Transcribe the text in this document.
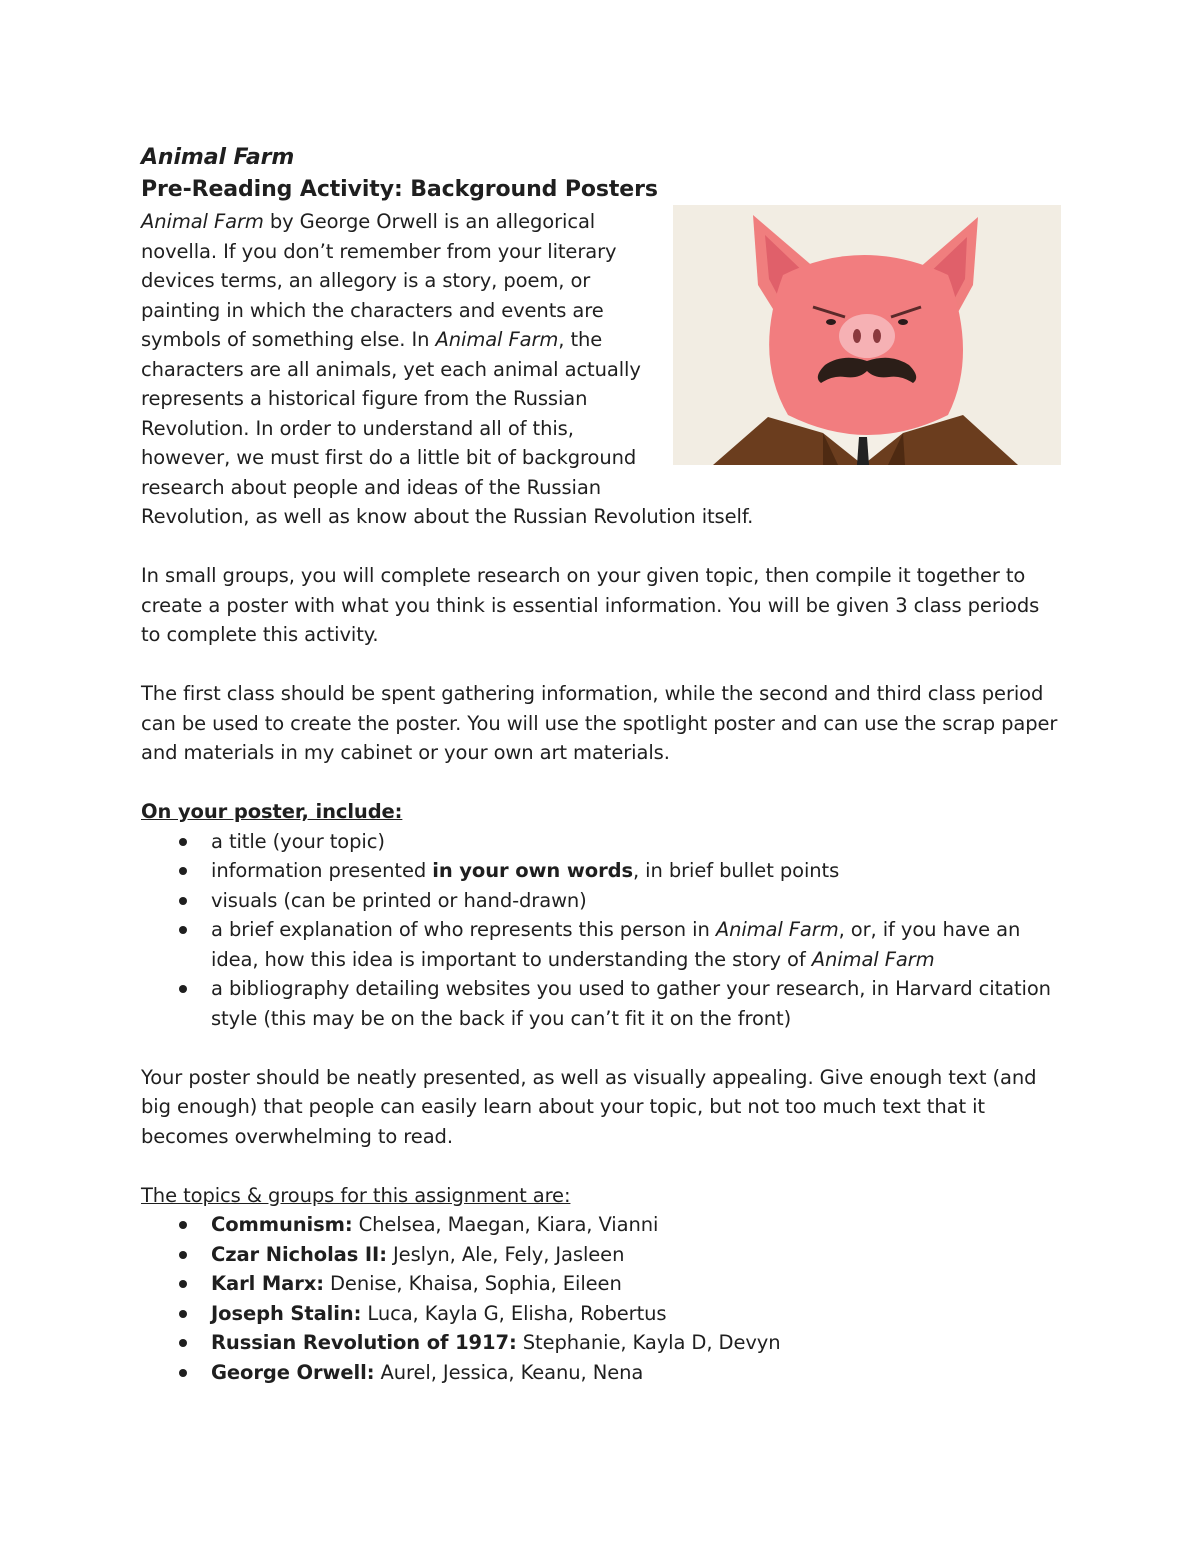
Animal Farm
Pre-Reading Activity: Background Posters

Animal Farm by George Orwell is an allegorical novella. If you don’t remember from your literary devices terms, an allegory is a story, poem, or painting in which the characters and events are symbols of something else. In Animal Farm, the characters are all animals, yet each animal actually represents a historical figure from the Russian Revolution. In order to understand all of this, however, we must first do a little bit of background research about people and ideas of the Russian Revolution, as well as know about the Russian Revolution itself.

In small groups, you will complete research on your given topic, then compile it together to create a poster with what you think is essential information. You will be given 3 class periods to complete this activity.

The first class should be spent gathering information, while the second and third class period can be used to create the poster. You will use the spotlight poster and can use the scrap paper and materials in my cabinet or your own art materials.

On your poster, include:

a title (your topic)
information presented in your own words, in brief bullet points
visuals (can be printed or hand-drawn)
a brief explanation of who represents this person in Animal Farm, or, if you have an idea, how this idea is important to understanding the story of Animal Farm
a bibliography detailing websites you used to gather your research, in Harvard citation style (this may be on the back if you can’t fit it on the front)

Your poster should be neatly presented, as well as visually appealing. Give enough text (and big enough) that people can easily learn about your topic, but not too much text that it becomes overwhelming to read.

The topics & groups for this assignment are:

Communism: Chelsea, Maegan, Kiara, Vianni
Czar Nicholas II: Jeslyn, Ale, Fely, Jasleen
Karl Marx: Denise, Khaisa, Sophia, Eileen
Joseph Stalin: Luca, Kayla G, Elisha, Robertus
Russian Revolution of 1917: Stephanie, Kayla D, Devyn
George Orwell: Aurel, Jessica, Keanu, Nena
